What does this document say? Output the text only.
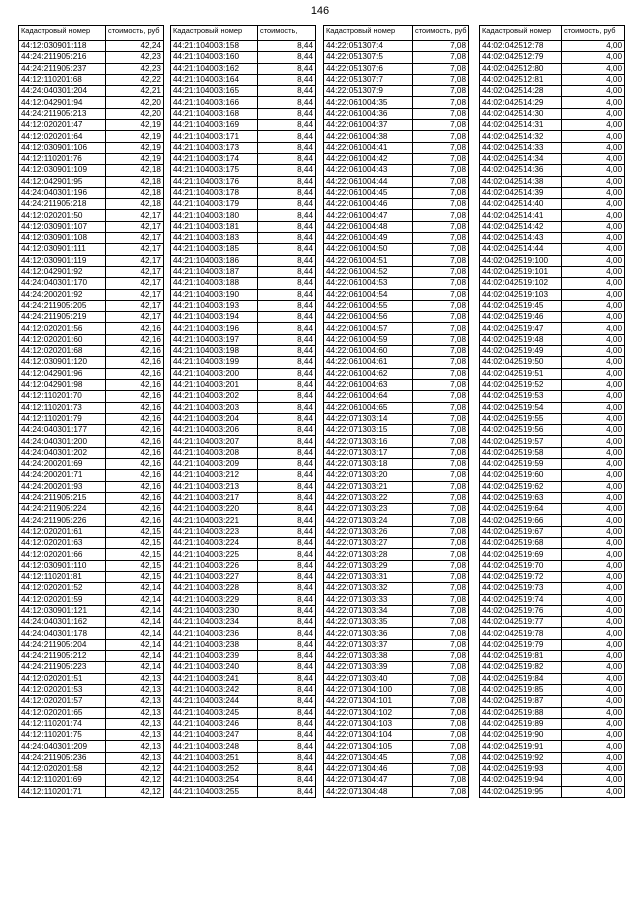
146
Кадастровый номер	стоимость, руб
44:12:030901:118	42,24
44:24:211905:216	42,23
44:24:211905:237	42,23
44:12:110201:68	42,22
44:24:040301:204	42,21
44:12:042901:94	42,20
44:24:211905:213	42,20
44:12:020201:47	42,19
44:12:020201:64	42,19
44:12:030901:106	42,19
44:12:110201:76	42,19
44:12:030901:109	42,18
44:12:042901:95	42,18
44:24:040301:196	42,18
44:24:211905:218	42,18
44:12:020201:50	42,17
44:12:030901:107	42,17
44:12:030901:108	42,17
44:12:030901:111	42,17
44:12:030901:119	42,17
44:12:042901:92	42,17
44:24:040301:170	42,17
44:24:200201:92	42,17
44:24:211905:205	42,17
44:24:211905:219	42,17
44:12:020201:56	42,16
44:12:020201:60	42,16
44:12:020201:68	42,16
44:12:030901:120	42,16
44:12:042901:96	42,16
44:12:042901:98	42,16
44:12:110201:70	42,16
44:12:110201:73	42,16
44:12:110201:79	42,16
44:24:040301:177	42,16
44:24:040301:200	42,16
44:24:040301:202	42,16
44:24:200201:69	42,16
44:24:200201:71	42,16
44:24:200201:93	42,16
44:24:211905:215	42,16
44:24:211905:224	42,16
44:24:211905:226	42,16
44:12:020201:61	42,15
44:12:020201:63	42,15
44:12:020201:66	42,15
44:12:030901:110	42,15
44:12:110201:81	42,15
44:12:020201:52	42,14
44:12:020201:59	42,14
44:12:030901:121	42,14
44:24:040301:162	42,14
44:24:040301:178	42,14
44:24:211905:204	42,14
44:24:211905:212	42,14
44:24:211905:223	42,14
44:12:020201:51	42,13
44:12:020201:53	42,13
44:12:020201:57	42,13
44:12:020201:65	42,13
44:12:110201:74	42,13
44:12:110201:75	42,13
44:24:040301:209	42,13
44:24:211905:236	42,13
44:12:020201:58	42,12
44:12:110201:69	42,12
44:12:110201:71	42,12
Кадастровый номер	стоимость,
44:21:104003:158	8,44
44:21:104003:160	8,44
44:21:104003:162	8,44
44:21:104003:164	8,44
44:21:104003:165	8,44
44:21:104003:166	8,44
44:21:104003:168	8,44
44:21:104003:169	8,44
44:21:104003:171	8,44
44:21:104003:173	8,44
44:21:104003:174	8,44
44:21:104003:175	8,44
44:21:104003:176	8,44
44:21:104003:178	8,44
44:21:104003:179	8,44
44:21:104003:180	8,44
44:21:104003:181	8,44
44:21:104003:183	8,44
44:21:104003:185	8,44
44:21:104003:186	8,44
44:21:104003:187	8,44
44:21:104003:188	8,44
44:21:104003:190	8,44
44:21:104003:193	8,44
44:21:104003:194	8,44
44:21:104003:196	8,44
44:21:104003:197	8,44
44:21:104003:198	8,44
44:21:104003:199	8,44
44:21:104003:200	8,44
44:21:104003:201	8,44
44:21:104003:202	8,44
44:21:104003:203	8,44
44:21:104003:204	8,44
44:21:104003:206	8,44
44:21:104003:207	8,44
44:21:104003:208	8,44
44:21:104003:209	8,44
44:21:104003:212	8,44
44:21:104003:213	8,44
44:21:104003:217	8,44
44:21:104003:220	8,44
44:21:104003:221	8,44
44:21:104003:223	8,44
44:21:104003:224	8,44
44:21:104003:225	8,44
44:21:104003:226	8,44
44:21:104003:227	8,44
44:21:104003:228	8,44
44:21:104003:229	8,44
44:21:104003:230	8,44
44:21:104003:234	8,44
44:21:104003:236	8,44
44:21:104003:238	8,44
44:21:104003:239	8,44
44:21:104003:240	8,44
44:21:104003:241	8,44
44:21:104003:242	8,44
44:21:104003:244	8,44
44:21:104003:245	8,44
44:21:104003:246	8,44
44:21:104003:247	8,44
44:21:104003:248	8,44
44:21:104003:251	8,44
44:21:104003:252	8,44
44:21:104003:254	8,44
44:21:104003:255	8,44
Кадастровый номер	стоимость, руб
44:22:051307:4	7,08
44:22:051307:5	7,08
44:22:051307:6	7,08
44:22:051307:7	7,08
44:22:051307:9	7,08
44:22:061004:35	7,08
44:22:061004:36	7,08
44:22:061004:37	7,08
44:22:061004:38	7,08
44:22:061004:41	7,08
44:22:061004:42	7,08
44:22:061004:43	7,08
44:22:061004:44	7,08
44:22:061004:45	7,08
44:22:061004:46	7,08
44:22:061004:47	7,08
44:22:061004:48	7,08
44:22:061004:49	7,08
44:22:061004:50	7,08
44:22:061004:51	7,08
44:22:061004:52	7,08
44:22:061004:53	7,08
44:22:061004:54	7,08
44:22:061004:55	7,08
44:22:061004:56	7,08
44:22:061004:57	7,08
44:22:061004:59	7,08
44:22:061004:60	7,08
44:22:061004:61	7,08
44:22:061004:62	7,08
44:22:061004:63	7,08
44:22:061004:64	7,08
44:22:061004:65	7,08
44:22:071303:14	7,08
44:22:071303:15	7,08
44:22:071303:16	7,08
44:22:071303:17	7,08
44:22:071303:18	7,08
44:22:071303:20	7,08
44:22:071303:21	7,08
44:22:071303:22	7,08
44:22:071303:23	7,08
44:22:071303:24	7,08
44:22:071303:26	7,08
44:22:071303:27	7,08
44:22:071303:28	7,08
44:22:071303:29	7,08
44:22:071303:31	7,08
44:22:071303:32	7,08
44:22:071303:33	7,08
44:22:071303:34	7,08
44:22:071303:35	7,08
44:22:071303:36	7,08
44:22:071303:37	7,08
44:22:071303:38	7,08
44:22:071303:39	7,08
44:22:071303:40	7,08
44:22:071304:100	7,08
44:22:071304:101	7,08
44:22:071304:102	7,08
44:22:071304:103	7,08
44:22:071304:104	7,08
44:22:071304:105	7,08
44:22:071304:45	7,08
44:22:071304:46	7,08
44:22:071304:47	7,08
44:22:071304:48	7,08
Кадастровый номер	стоимость, руб
44:02:042512:78	4,00
44:02:042512:79	4,00
44:02:042512:80	4,00
44:02:042512:81	4,00
44:02:042514:28	4,00
44:02:042514:29	4,00
44:02:042514:30	4,00
44:02:042514:31	4,00
44:02:042514:32	4,00
44:02:042514:33	4,00
44:02:042514:34	4,00
44:02:042514:36	4,00
44:02:042514:38	4,00
44:02:042514:39	4,00
44:02:042514:40	4,00
44:02:042514:41	4,00
44:02:042514:42	4,00
44:02:042514:43	4,00
44:02:042514:44	4,00
44:02:042519:100	4,00
44:02:042519:101	4,00
44:02:042519:102	4,00
44:02:042519:103	4,00
44:02:042519:45	4,00
44:02:042519:46	4,00
44:02:042519:47	4,00
44:02:042519:48	4,00
44:02:042519:49	4,00
44:02:042519:50	4,00
44:02:042519:51	4,00
44:02:042519:52	4,00
44:02:042519:53	4,00
44:02:042519:54	4,00
44:02:042519:55	4,00
44:02:042519:56	4,00
44:02:042519:57	4,00
44:02:042519:58	4,00
44:02:042519:59	4,00
44:02:042519:60	4,00
44:02:042519:62	4,00
44:02:042519:63	4,00
44:02:042519:64	4,00
44:02:042519:66	4,00
44:02:042519:67	4,00
44:02:042519:68	4,00
44:02:042519:69	4,00
44:02:042519:70	4,00
44:02:042519:72	4,00
44:02:042519:73	4,00
44:02:042519:74	4,00
44:02:042519:76	4,00
44:02:042519:77	4,00
44:02:042519:78	4,00
44:02:042519:79	4,00
44:02:042519:81	4,00
44:02:042519:82	4,00
44:02:042519:84	4,00
44:02:042519:85	4,00
44:02:042519:87	4,00
44:02:042519:88	4,00
44:02:042519:89	4,00
44:02:042519:90	4,00
44:02:042519:91	4,00
44:02:042519:92	4,00
44:02:042519:93	4,00
44:02:042519:94	4,00
44:02:042519:95	4,00
